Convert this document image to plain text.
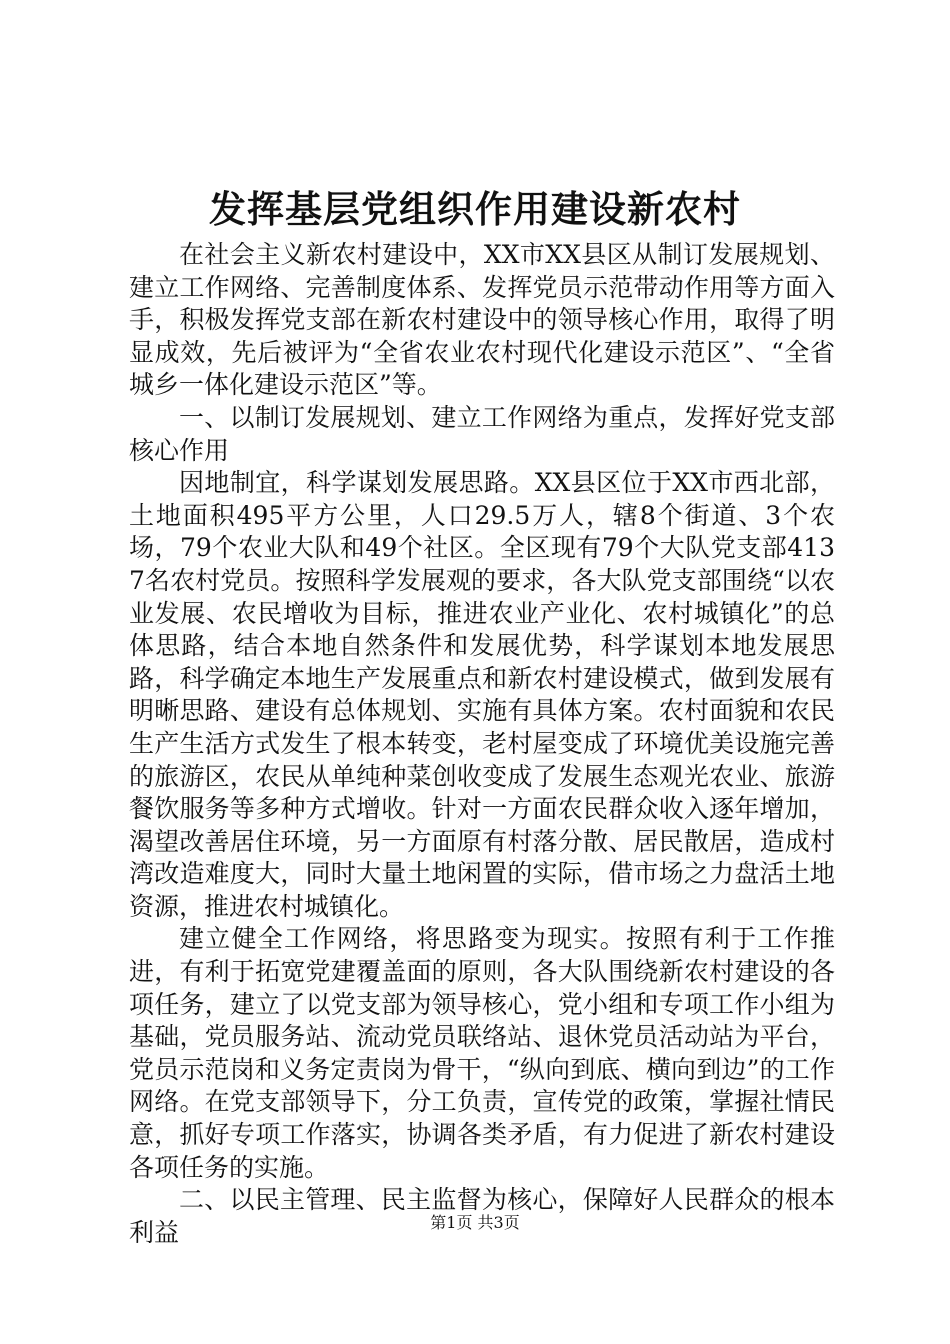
发挥基层党组织作用建设新农村

在社会主义新农村建设中，XX市XX县区从制订发展规划、建立工作网络、完善制度体系、发挥党员示范带动作用等方面入手，积极发挥党支部在新农村建设中的领导核心作用，取得了明显成效，先后被评为“全省农业农村现代化建设示范区”、“全省城乡一体化建设示范区”等。

一、以制订发展规划、建立工作网络为重点，发挥好党支部核心作用

因地制宜，科学谋划发展思路。XX县区位于XX市西北部，土地面积495平方公里，人口29.5万人，辖8个街道、3个农场，79个农业大队和49个社区。全区现有79个大队党支部4137名农村党员。按照科学发展观的要求，各大队党支部围绕“以农业发展、农民增收为目标，推进农业产业化、农村城镇化”的总体思路，结合本地自然条件和发展优势，科学谋划本地发展思路，科学确定本地生产发展重点和新农村建设模式，做到发展有明晰思路、建设有总体规划、实施有具体方案。农村面貌和农民生产生活方式发生了根本转变，老村屋变成了环境优美设施完善的旅游区，农民从单纯种菜创收变成了发展生态观光农业、旅游餐饮服务等多种方式增收。针对一方面农民群众收入逐年增加，渴望改善居住环境，另一方面原有村落分散、居民散居，造成村湾改造难度大，同时大量土地闲置的实际，借市场之力盘活土地资源，推进农村城镇化。

建立健全工作网络，将思路变为现实。按照有利于工作推进，有利于拓宽党建覆盖面的原则，各大队围绕新农村建设的各项任务，建立了以党支部为领导核心，党小组和专项工作小组为基础，党员服务站、流动党员联络站、退休党员活动站为平台，党员示范岗和义务定责岗为骨干，“纵向到底、横向到边”的工作网络。在党支部领导下，分工负责，宣传党的政策，掌握社情民意，抓好专项工作落实，协调各类矛盾，有力促进了新农村建设各项任务的实施。

二、以民主管理、民主监督为核心，保障好人民群众的根本利益	第1页 共3页
